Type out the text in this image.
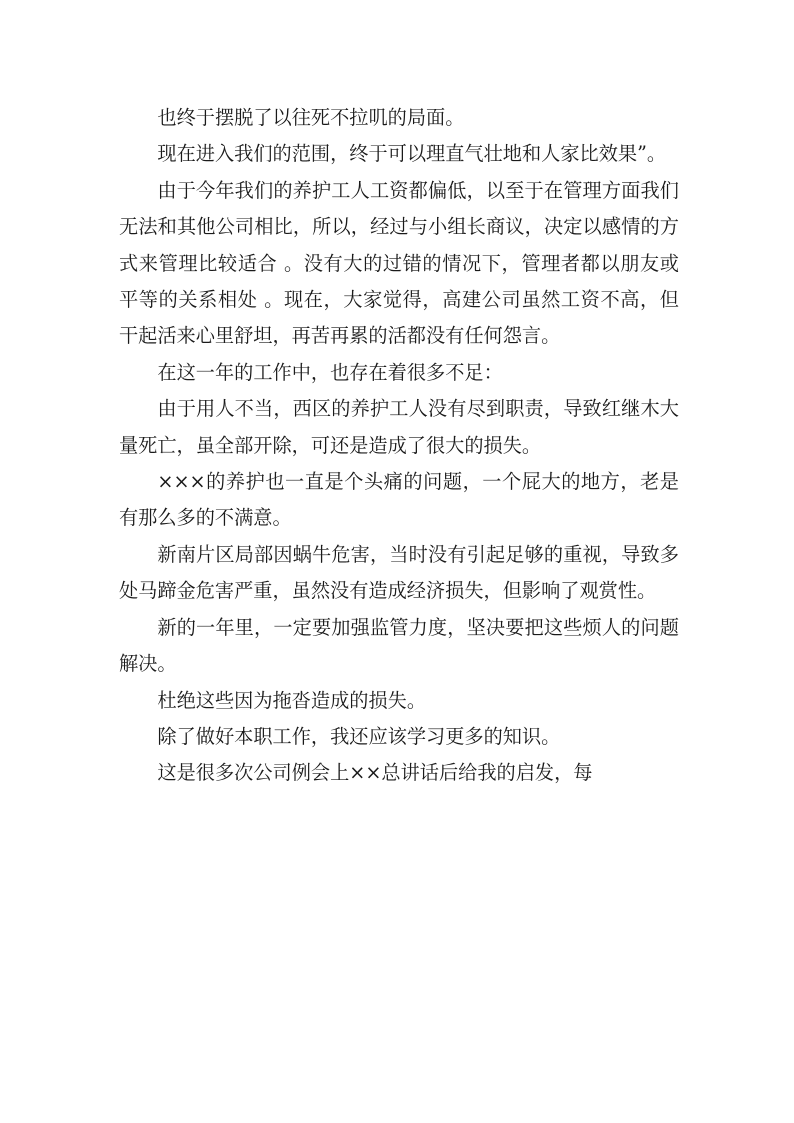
也终于摆脱了以往死不拉叽的局面。

现在进入我们的范围，终于可以理直气壮地和人家比效果”。

由于今年我们的养护工人工资都偏低，以至于在管理方面我们无法和其他公司相比，所以，经过与小组长商议，决定以感情的方式来管理比较适合 。没有大的过错的情况下，管理者都以朋友或平等的关系相处 。现在，大家觉得，高建公司虽然工资不高，但干起活来心里舒坦，再苦再累的活都没有任何怨言。

在这一年的工作中，也存在着很多不足：

由于用人不当，西区的养护工人没有尽到职责，导致红继木大量死亡，虽全部开除，可还是造成了很大的损失。

×××的养护也一直是个头痛的问题，一个屁大的地方，老是有那么多的不满意。

新南片区局部因蜗牛危害，当时没有引起足够的重视，导致多处马蹄金危害严重，虽然没有造成经济损失，但影响了观赏性。

新的一年里，一定要加强监管力度，坚决要把这些烦人的问题解决。

杜绝这些因为拖沓造成的损失。

除了做好本职工作，我还应该学习更多的知识。

这是很多次公司例会上××总讲话后给我的启发，每
